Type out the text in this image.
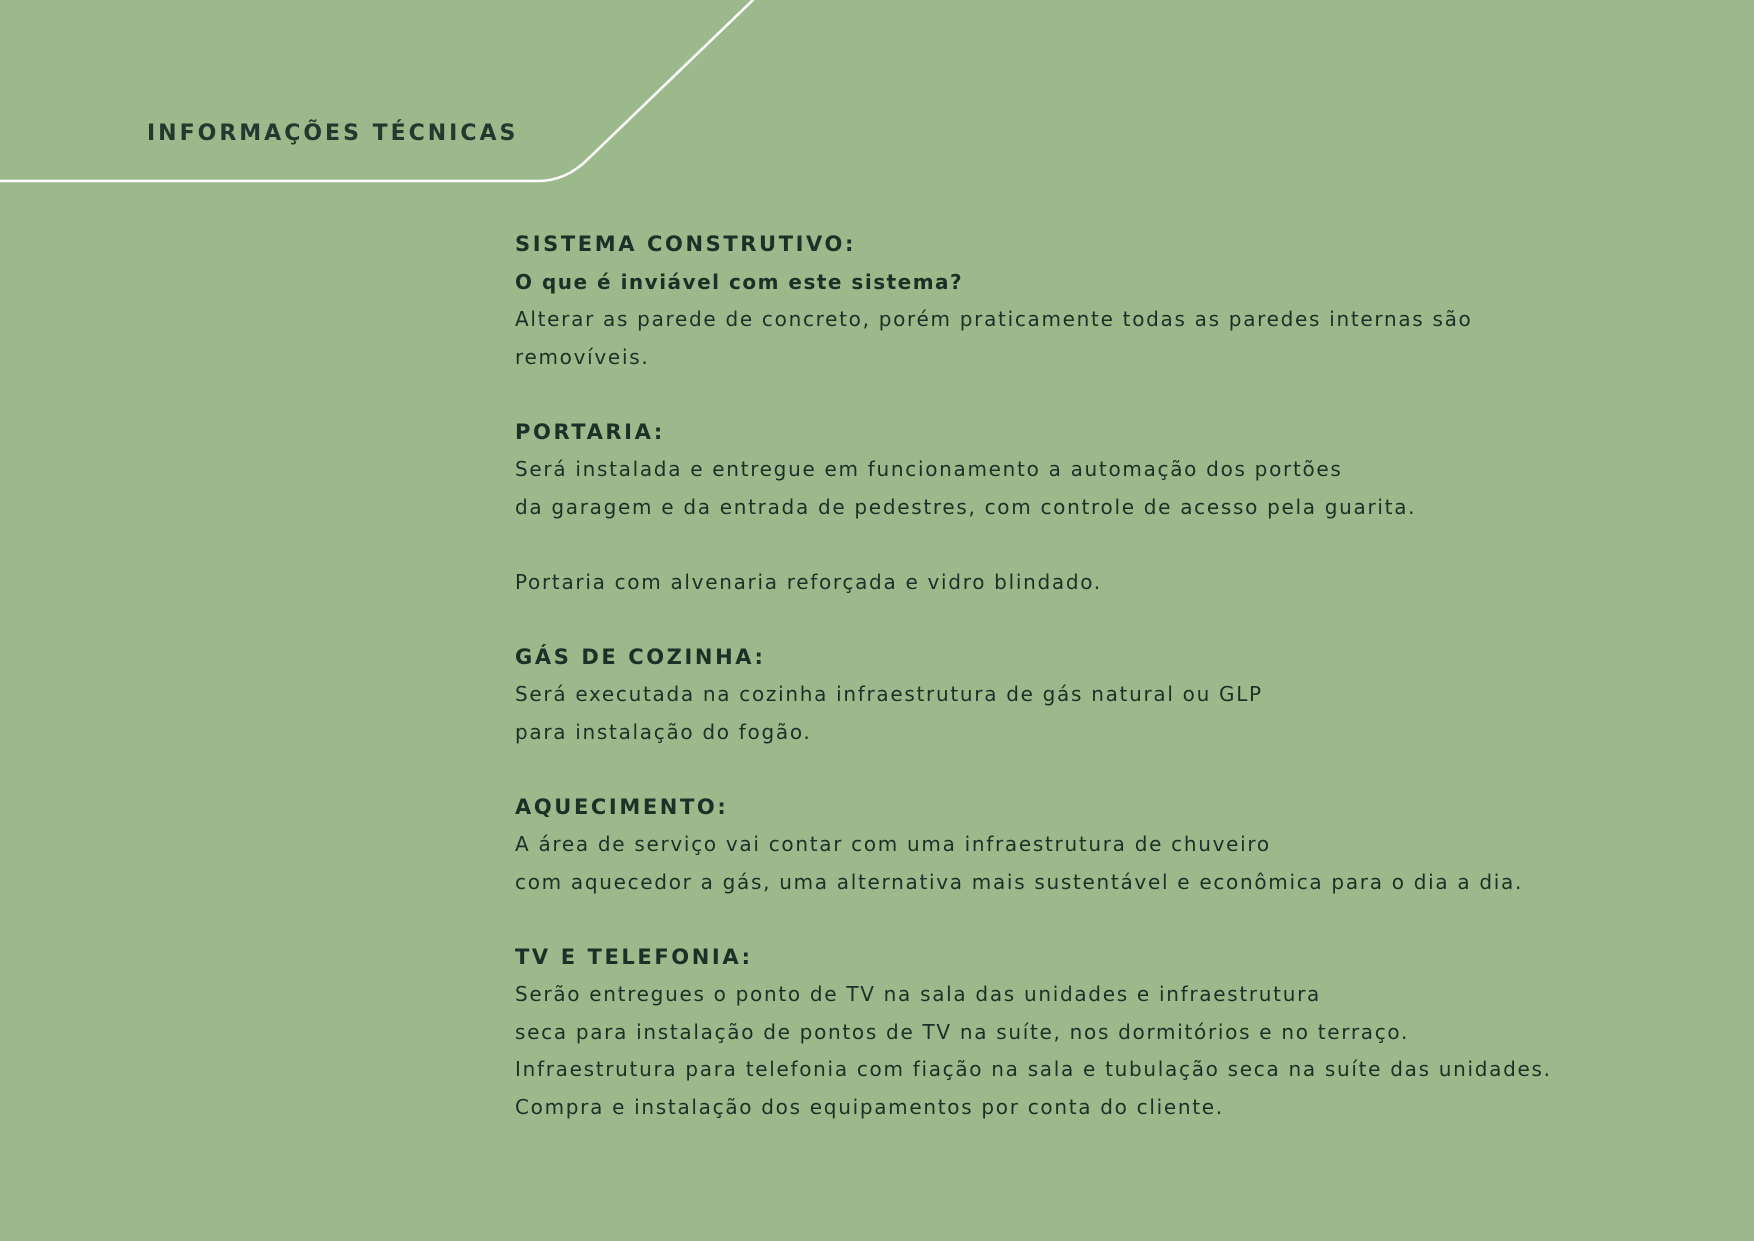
INFORMAÇÕES TÉCNICAS
SISTEMA CONSTRUTIVO:
O que é inviável com este sistema?
Alterar as parede de concreto, porém praticamente todas as paredes internas são
removíveis.
PORTARIA:
Será instalada e entregue em funcionamento a automação dos portões
da garagem e da entrada de pedestres, com controle de acesso pela guarita.
Portaria com alvenaria reforçada e vidro blindado.
GÁS DE COZINHA:
Será executada na cozinha infraestrutura de gás natural ou GLP
para instalação do fogão.
AQUECIMENTO:
A área de serviço vai contar com uma infraestrutura de chuveiro
com aquecedor a gás, uma alternativa mais sustentável e econômica para o dia a dia.
TV E TELEFONIA:
Serão entregues o ponto de TV na sala das unidades e infraestrutura
seca para instalação de pontos de TV na suíte, nos dormitórios e no terraço.
Infraestrutura para telefonia com fiação na sala e tubulação seca na suíte das unidades.
Compra e instalação dos equipamentos por conta do cliente.
